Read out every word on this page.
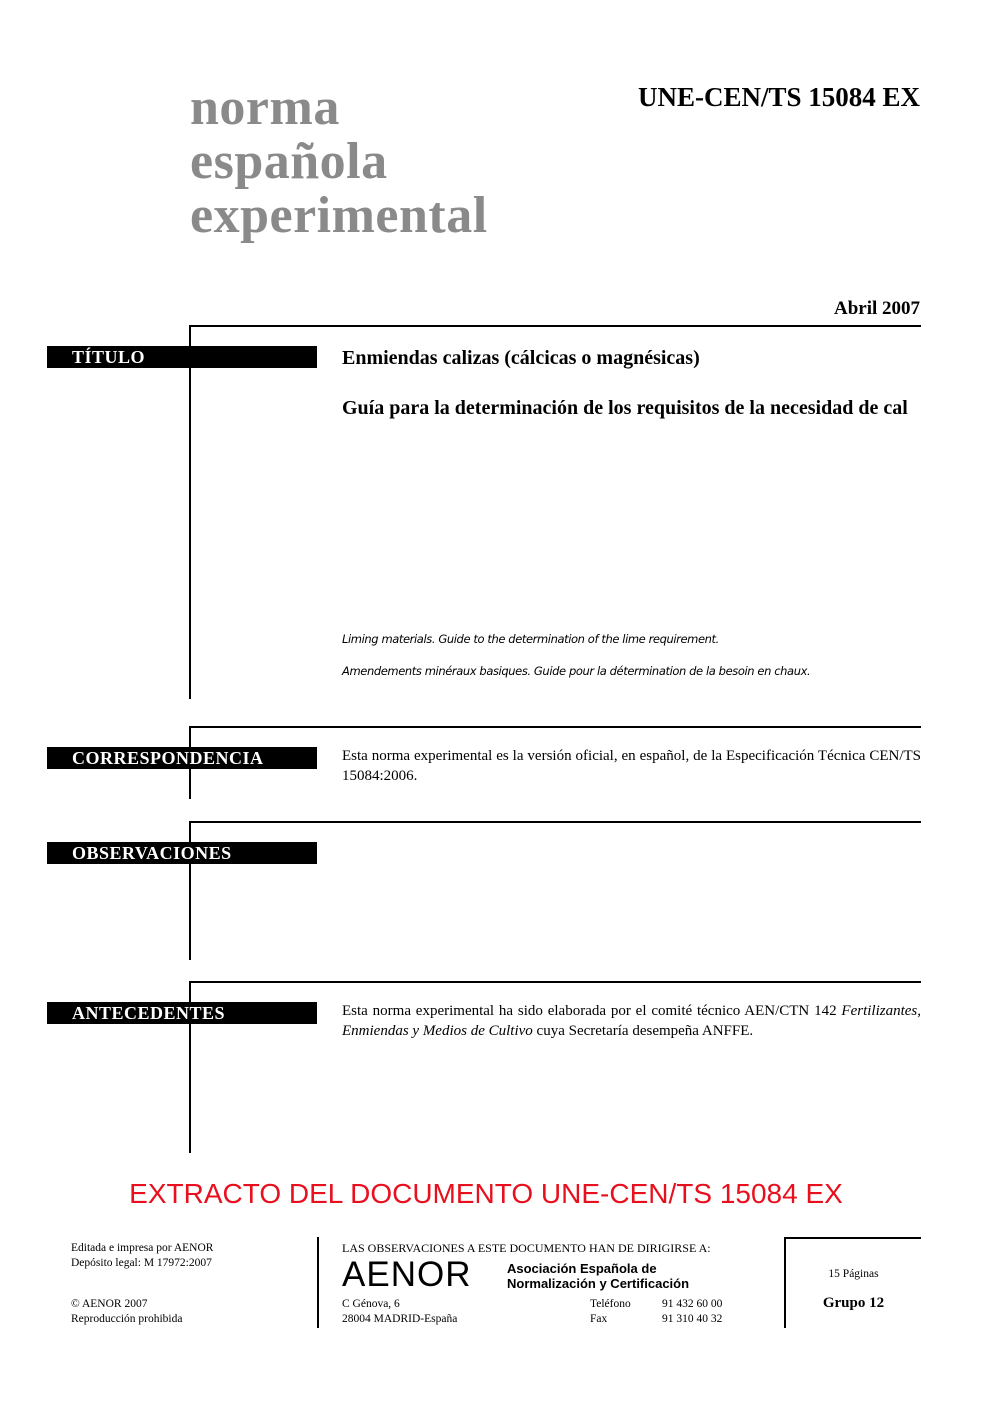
norma
española
experimental
UNE-CEN/TS 15084 EX
Abril 2007
TÍTULO	Enmiendas calizas (cálcicas o magnésicas)
Guía para la determinación de los requisitos de la necesidad de cal
Liming materials. Guide to the determination of the lime requirement.
Amendements minéraux basiques. Guide pour la détermination de la besoin en chaux.
CORRESPONDENCIA	Esta norma experimental es la versión oficial, en español, de la Especificación Técnica CEN/TS 15084:2006.
OBSERVACIONES
ANTECEDENTES	Esta norma experimental ha sido elaborada por el comité técnico AEN/CTN 142 Fertilizantes, Enmiendas y Medios de Cultivo cuya Secretaría desempeña ANFFE.
EXTRACTO DEL DOCUMENTO UNE-CEN/TS 15084 EX
Editada e impresa por AENOR
Depósito legal: M 17972:2007
© AENOR 2007
Reproducción prohibida
LAS OBSERVACIONES A ESTE DOCUMENTO HAN DE DIRIGIRSE A:
AENOR	Asociación Española de
Normalización y Certificación
C Génova, 6
28004 MADRID-España
Teléfono	91 432 60 00
Fax	91 310 40 32
15 Páginas
Grupo 12
